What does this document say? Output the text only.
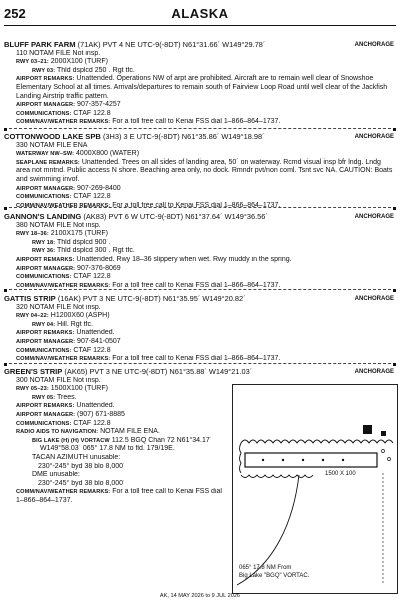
252	ALASKA
BLUFF PARK FARM (71AK) PVT 4 NE UTC-9(-8DT) N61°31.66´ W149°29.78´
110 NOTAM FILE Not insp.
RWY 03–21: 2000X100 (TURF)
RWY 03: Thld dsplcd 250´. Rgt tfc.
AIRPORT REMARKS: Unattended. Operations NW of arpt are prohibited. Aircraft are to remain well clear of Snowshoe Elementary School at all times. Arrivals/departures to remain south of Fairview Loop Road until well clear of the Jackfish Landing Airstrip traffic pattern.
AIRPORT MANAGER: 907-357-4257
COMMUNICATIONS: CTAF 122.8
COMM/NAV/WEATHER REMARKS: For a toll free call to Kenai FSS dial 1–866–864–1737.
ANCHORAGE
COTTONWOOD LAKE SPB (3H3) 3 E UTC-9(-8DT) N61°35.86´ W149°18.98´
330 NOTAM FILE ENA
WATERWAY NW–SW: 4000X800 (WATER)
SEAPLANE REMARKS: Unattended. Trees on all sides of landing area, 50´ on waterway. Rcmd visual insp bfr lndg. Lndg area not mntnd. Public access N shore. Beaching area only, no dock. Rmndr pvt/non coml. Tsnt svc NA. CAUTION: Boats and swimming invof.
AIRPORT MANAGER: 907-269-8400
COMMUNICATIONS: CTAF 122.8
COMM/NAV/WEATHER REMARKS: For a toll free call to Kenai FSS dial 1–866–864–1737.
ANCHORAGE
GANNON'S LANDING (AK83) PVT 6 W UTC-9(-8DT) N61°37.64´ W149°36.56´
380 NOTAM FILE Not insp.
RWY 18–36: 2100X175 (TURF)
RWY 18: Thld dsplcd 900´.
RWY 36: Thld dsplcd 300´. Rgt tfc.
AIRPORT REMARKS: Unattended. Rwy 18–36 slippery when wet. Rwy muddy in the spring.
AIRPORT MANAGER: 907-376-8069
COMMUNICATIONS: CTAF 122.8
COMM/NAV/WEATHER REMARKS: For a toll free call to Kenai FSS dial 1–866–864–1737.
ANCHORAGE
GATTIS STRIP (16AK) PVT 3 NE UTC-9(-8DT) N61°35.95´ W149°20.82´
320 NOTAM FILE Not insp.
RWY 04–22: H1200X60 (ASPH)
RWY 04: Hill. Rgt tfc.
AIRPORT REMARKS: Unattended.
AIRPORT MANAGER: 907-841-0507
COMMUNICATIONS: CTAF 122.8
COMM/NAV/WEATHER REMARKS: For a toll free call to Kenai FSS dial 1–866–864–1737.
ANCHORAGE
GREEN'S STRIP (AK65) PVT 3 NE UTC-9(-8DT) N61°35.88´ W149°21.03´
300 NOTAM FILE Not insp.
RWY 05–23: 1500X100 (TURF)
RWY 05: Trees.
AIRPORT REMARKS: Unattended.
AIRPORT MANAGER: (907) 671-8885
COMMUNICATIONS: CTAF 122.8
RADIO AIDS TO NAVIGATION: NOTAM FILE ENA.
BIG LAKE (H) (H) VORTACW 112.5 BGQ Chan 72 N61°34.17´
W149°58.03´ 065° 17.8 NM to fld. 179/19E.
TACAN AZIMUTH unusable:
230°-245° byd 38 blo 8,000´
DME unusable:
230°-245° byd 38 blo 8,000´
COMM/NAV/WEATHER REMARKS: For a toll free call to Kenai FSS dial
1–866–864–1737.
ANCHORAGE
1500 X 100
065° 17.8 NM From
Big Lake "BGQ" VORTAC.
AK, 14 MAY 2026 to 9 JUL 2026
